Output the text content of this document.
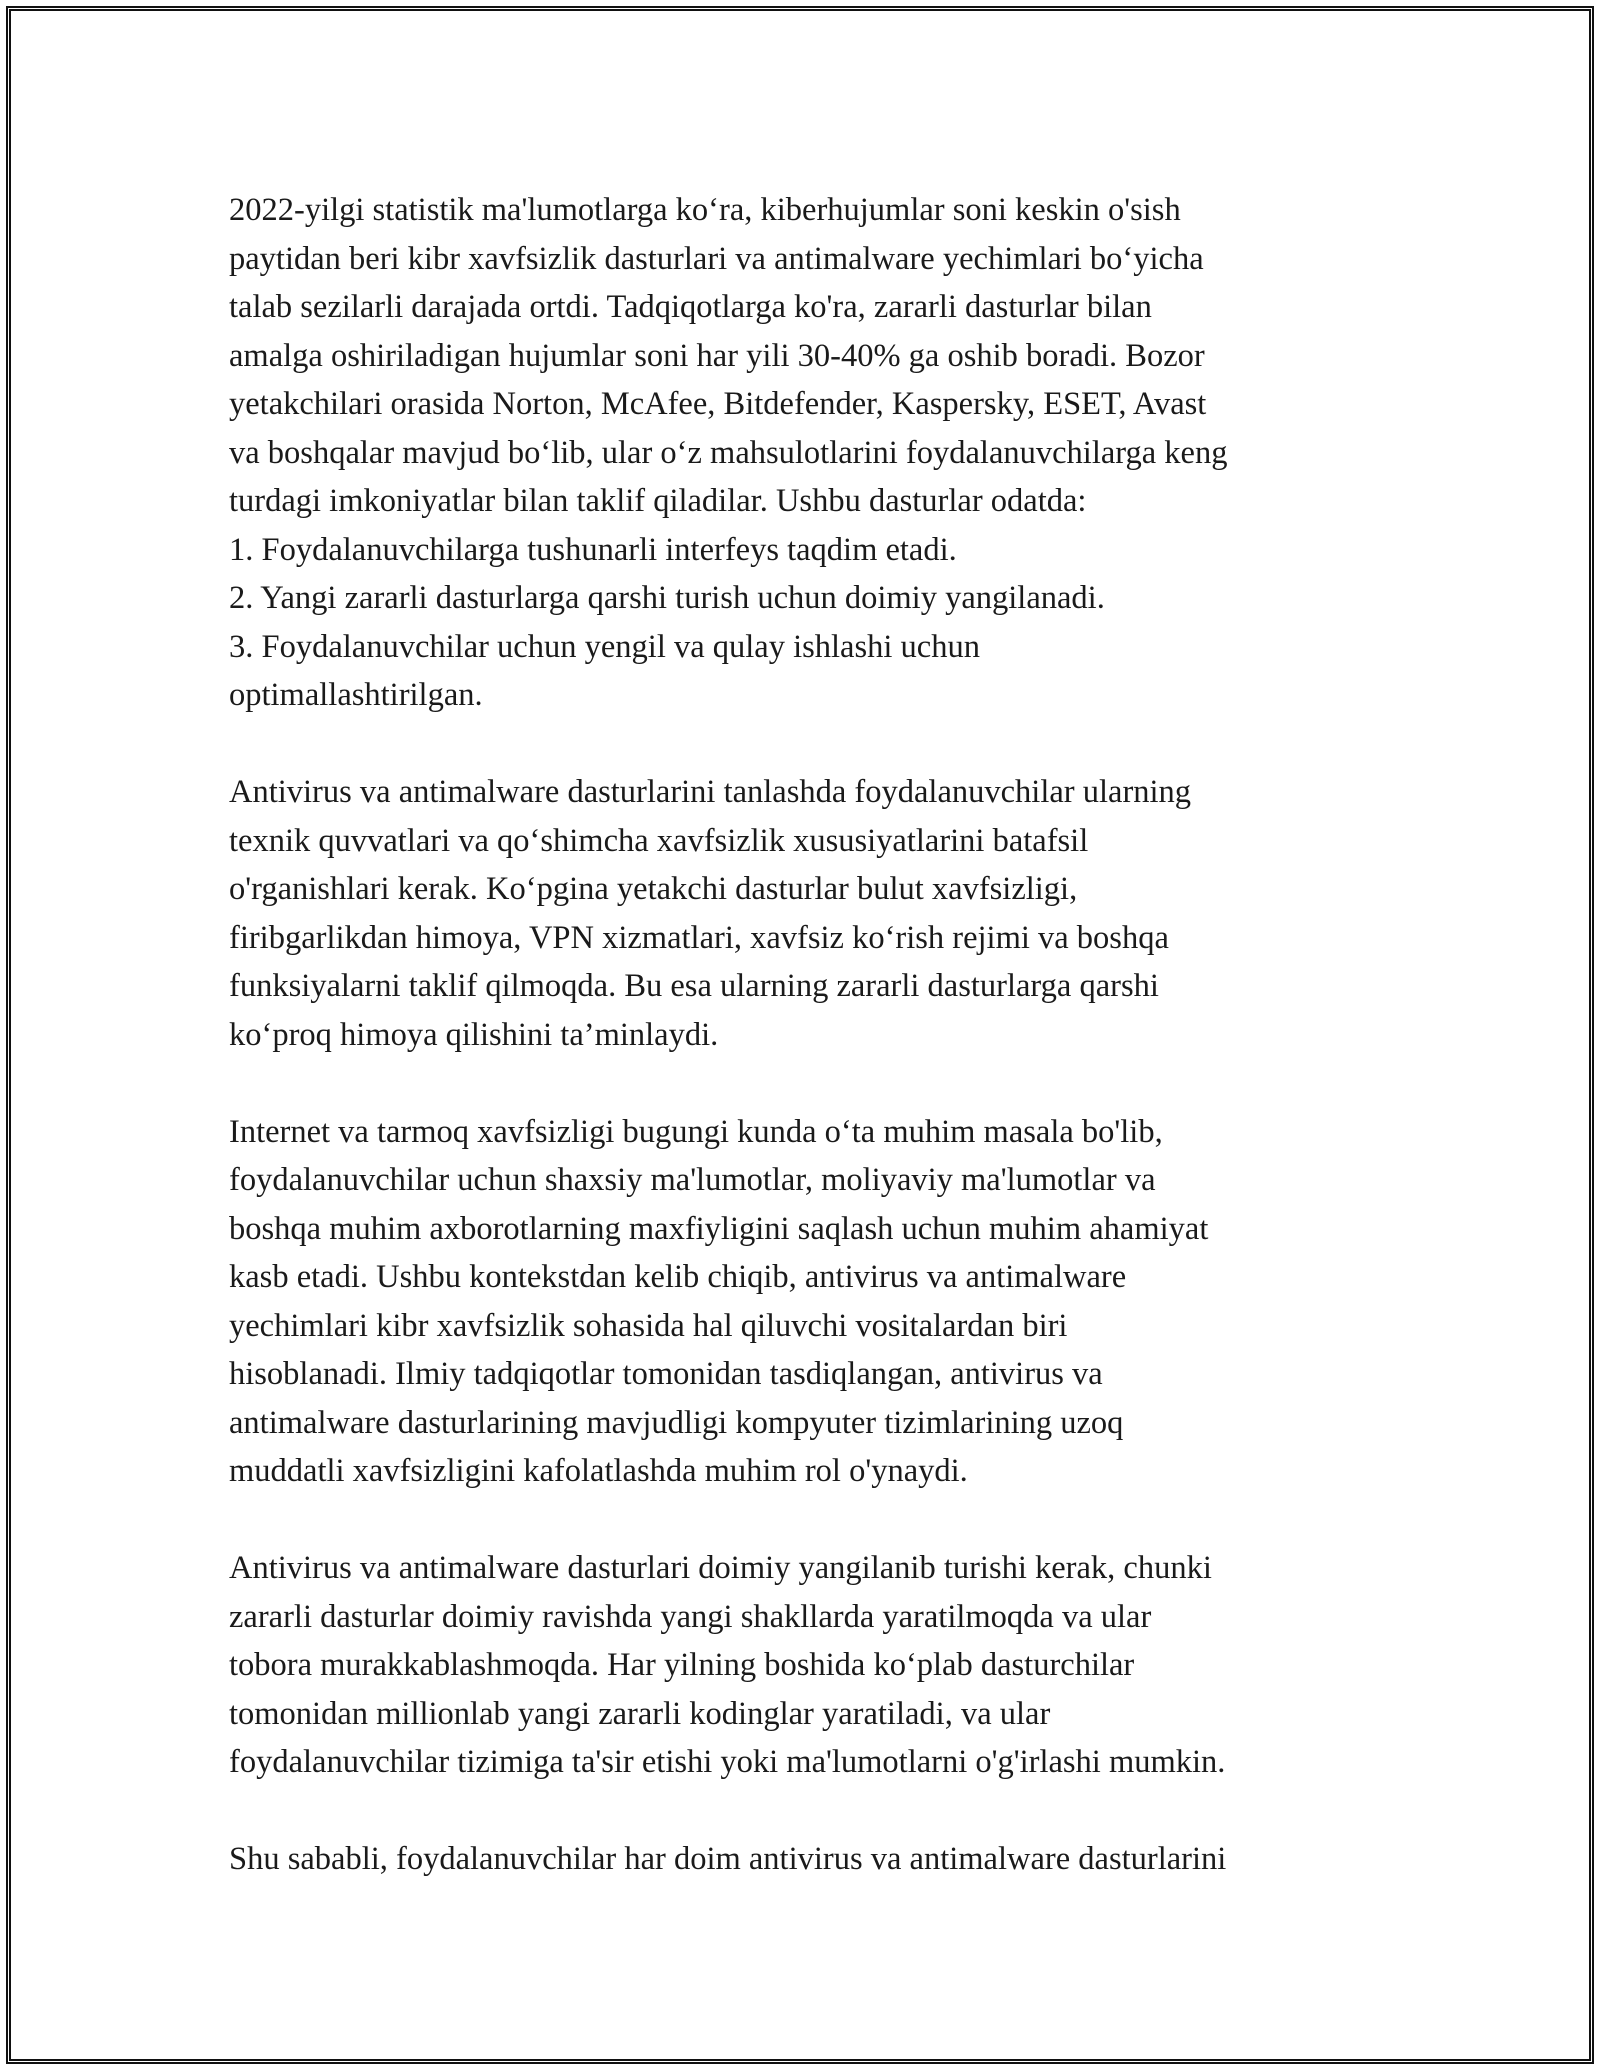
2022-yilgi statistik ma'lumotlarga ko‘ra, kiberhujumlar soni keskin o'sish
paytidan beri kibr xavfsizlik dasturlari va antimalware yechimlari bo‘yicha
talab sezilarli darajada ortdi. Tadqiqotlarga ko'ra, zararli dasturlar bilan
amalga oshiriladigan hujumlar soni har yili 30-40% ga oshib boradi. Bozor
yetakchilari orasida Norton, McAfee, Bitdefender, Kaspersky, ESET, Avast
va boshqalar mavjud bo‘lib, ular o‘z mahsulotlarini foydalanuvchilarga keng
turdagi imkoniyatlar bilan taklif qiladilar. Ushbu dasturlar odatda:
1. Foydalanuvchilarga tushunarli interfeys taqdim etadi.
2. Yangi zararli dasturlarga qarshi turish uchun doimiy yangilanadi.
3. Foydalanuvchilar uchun yengil va qulay ishlashi uchun
optimallashtirilgan.
Antivirus va antimalware dasturlarini tanlashda foydalanuvchilar ularning
texnik quvvatlari va qo‘shimcha xavfsizlik xususiyatlarini batafsil
o'rganishlari kerak. Ko‘pgina yetakchi dasturlar bulut xavfsizligi,
firibgarlikdan himoya, VPN xizmatlari, xavfsiz ko‘rish rejimi va boshqa
funksiyalarni taklif qilmoqda. Bu esa ularning zararli dasturlarga qarshi
ko‘proq himoya qilishini ta’minlaydi.
Internet va tarmoq xavfsizligi bugungi kunda o‘ta muhim masala bo'lib,
foydalanuvchilar uchun shaxsiy ma'lumotlar, moliyaviy ma'lumotlar va
boshqa muhim axborotlarning maxfiyligini saqlash uchun muhim ahamiyat
kasb etadi. Ushbu kontekstdan kelib chiqib, antivirus va antimalware
yechimlari kibr xavfsizlik sohasida hal qiluvchi vositalardan biri
hisoblanadi. Ilmiy tadqiqotlar tomonidan tasdiqlangan, antivirus va
antimalware dasturlarining mavjudligi kompyuter tizimlarining uzoq
muddatli xavfsizligini kafolatlashda muhim rol o'ynaydi.
Antivirus va antimalware dasturlari doimiy yangilanib turishi kerak, chunki
zararli dasturlar doimiy ravishda yangi shakllarda yaratilmoqda va ular
tobora murakkablashmoqda. Har yilning boshida ko‘plab dasturchilar
tomonidan millionlab yangi zararli kodinglar yaratiladi, va ular
foydalanuvchilar tizimiga ta'sir etishi yoki ma'lumotlarni o'g'irlashi mumkin.
Shu sababli, foydalanuvchilar har doim antivirus va antimalware dasturlarini
